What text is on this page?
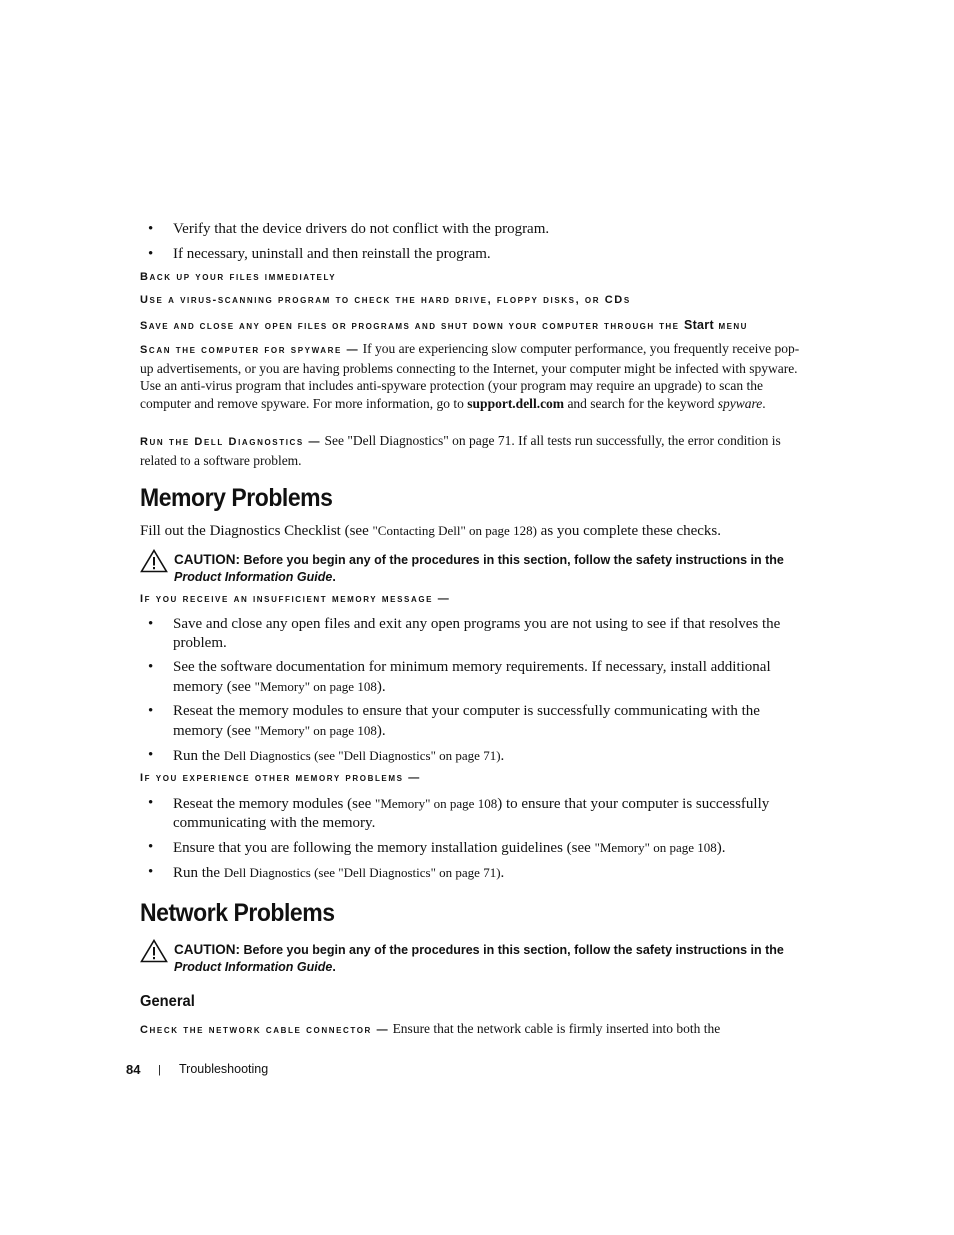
•	Verify that the device drivers do not conflict with the program.
•	If necessary, uninstall and then reinstall the program.
Back up your files immediately
Use a virus-scanning program to check the hard drive, floppy disks, or CDs
Save and close any open files or programs and shut down your computer through the Start menu
Scan the computer for spyware — If you are experiencing slow computer performance, you frequently receive pop-up advertisements, or you are having problems connecting to the Internet, your computer might be infected with spyware. Use an anti-virus program that includes anti-spyware protection (your program may require an upgrade) to scan the computer and remove spyware. For more information, go to support.dell.com and search for the keyword spyware.
Run the Dell Diagnostics — See "Dell Diagnostics" on page 71. If all tests run successfully, the error condition is related to a software problem.
Memory Problems
Fill out the Diagnostics Checklist (see "Contacting Dell" on page 128) as you complete these checks.
CAUTION: Before you begin any of the procedures in this section, follow the safety instructions in the Product Information Guide.
If you receive an insufficient memory message —
•	Save and close any open files and exit any open programs you are not using to see if that resolves the problem.
•	See the software documentation for minimum memory requirements. If necessary, install additional memory (see "Memory" on page 108).
•	Reseat the memory modules to ensure that your computer is successfully communicating with the memory (see "Memory" on page 108).
•	Run the Dell Diagnostics (see "Dell Diagnostics" on page 71).
If you experience other memory problems —
•	Reseat the memory modules (see "Memory" on page 108) to ensure that your computer is successfully communicating with the memory.
•	Ensure that you are following the memory installation guidelines (see "Memory" on page 108).
•	Run the Dell Diagnostics (see "Dell Diagnostics" on page 71).
Network Problems
CAUTION: Before you begin any of the procedures in this section, follow the safety instructions in the Product Information Guide.
General
Check the network cable connector — Ensure that the network cable is firmly inserted into both the
84 | Troubleshooting
